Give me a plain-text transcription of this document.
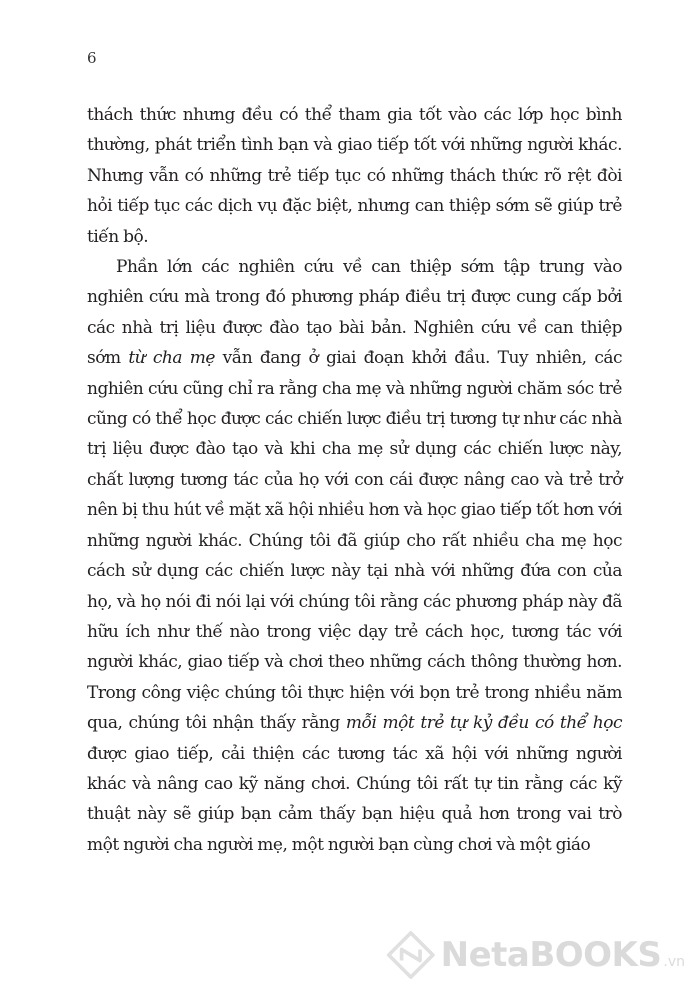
6

thách thức nhưng đều có thể tham gia tốt vào các lớp học bình thường, phát triển tình bạn và giao tiếp tốt với những người khác. Nhưng vẫn có những trẻ tiếp tục có những thách thức rõ rệt đòi hỏi tiếp tục các dịch vụ đặc biệt, nhưng can thiệp sớm sẽ giúp trẻ tiến bộ.

Phần lớn các nghiên cứu về can thiệp sớm tập trung vào nghiên cứu mà trong đó phương pháp điều trị được cung cấp bởi các nhà trị liệu được đào tạo bài bản. Nghiên cứu về can thiệp sớm từ cha mẹ vẫn đang ở giai đoạn khởi đầu. Tuy nhiên, các nghiên cứu cũng chỉ ra rằng cha mẹ và những người chăm sóc trẻ cũng có thể học được các chiến lược điều trị tương tự như các nhà trị liệu được đào tạo và khi cha mẹ sử dụng các chiến lược này, chất lượng tương tác của họ với con cái được nâng cao và trẻ trở nên bị thu hút về mặt xã hội nhiều hơn và học giao tiếp tốt hơn với những người khác. Chúng tôi đã giúp cho rất nhiều cha mẹ học cách sử dụng các chiến lược này tại nhà với những đứa con của họ, và họ nói đi nói lại với chúng tôi rằng các phương pháp này đã hữu ích như thế nào trong việc dạy trẻ cách học, tương tác với người khác, giao tiếp và chơi theo những cách thông thường hơn. Trong công việc chúng tôi thực hiện với bọn trẻ trong nhiều năm qua, chúng tôi nhận thấy rằng mỗi một trẻ tự kỷ đều có thể học được giao tiếp, cải thiện các tương tác xã hội với những người khác và nâng cao kỹ năng chơi. Chúng tôi rất tự tin rằng các kỹ thuật này sẽ giúp bạn cảm thấy bạn hiệu quả hơn trong vai trò một người cha người mẹ, một người bạn cùng chơi và một giáo

NetaBOOKS .vn
